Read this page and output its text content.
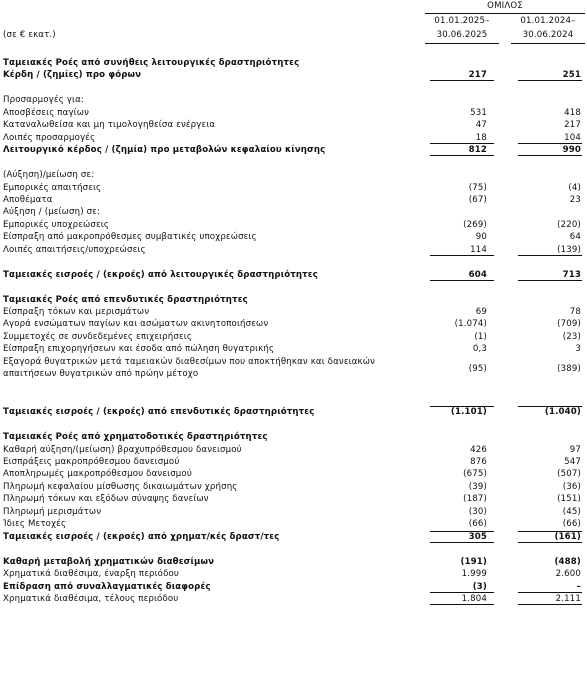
ΟΜΙΛΟΣ
01.01.2025–
30.06.2025
01.01.2024–
30.06.2024
(σε € εκατ.)
Ταμειακές Ροές από συνήθεις λειτουργικές δραστηριότητες
Κέρδη / (ζημίες) προ φόρων	217	251
Προσαρμογές για:
Αποσβέσεις παγίων	531	418
Καταναλωθείσα και μη τιμολογηθείσα ενέργεια	47	217
Λοιπές προσαρμογές	18	104
Λειτουργικό κέρδος / (ζημία) προ μεταβολών κεφαλαίου κίνησης	812	990
(Αύξηση)/μείωση σε:
Εμπορικές απαιτήσεις	(75)	(4)
Αποθέματα	(67)	23
Αύξηση / (μείωση) σε:
Εμπορικές υποχρεώσεις	(269)	(220)
Είσπραξη από μακροπρόθεσμες συμβατικές υποχρεώσεις	90	64
Λοιπές απαιτήσεις/υποχρεώσεις	114	(139)
Ταμειακές εισροές / (εκροές) από λειτουργικές δραστηριότητες	604	713
Ταμειακές Ροές από επενδυτικές δραστηριότητες
Είσπραξη τόκων και μερισμάτων	69	78
Αγορά ενσώματων παγίων και ασώματων ακινητοποιήσεων	(1.074)	(709)
Συμμετοχές σε συνδεδεμένες επιχειρήσεις	(1)	(23)
Είσπραξη επιχορηγήσεων και έσοδα από πώληση θυγατρικής	0,3	3
Εξαγορά θυγατρικών μετά ταμειακών διαθεσίμων που αποκτήθηκαν και δανειακών απαιτήσεων θυγατρικών από πρώην μέτοχο	(95)	(389)
Ταμειακές εισροές / (εκροές) από επενδυτικές δραστηριότητες	(1.101)	(1.040)
Ταμειακές Ροές από χρηματοδοτικές δραστηριότητες
Καθαρή αύξηση/(μείωση) βραχυπρόθεσμου δανεισμού	426	97
Εισπράξεις μακροπρόθεσμου δανεισμού	876	547
Αποπληρωμές μακροπρόθεσμου δανεισμού	(675)	(507)
Πληρωμή κεφαλαίου μίσθωσης δικαιωμάτων χρήσης	(39)	(36)
Πληρωμή τόκων και εξόδων σύναψης δανείων	(187)	(151)
Πληρωμή μερισμάτων	(30)	(45)
Ίδιες Μετοχές	(66)	(66)
Ταμειακές εισροές / (εκροές) από χρηματ/κές δραστ/τες	305	(161)
Καθαρή μεταβολή χρηματικών διαθεσίμων	(191)	(488)
Χρηματικά διαθέσιμα, έναρξη περιόδου	1.999	2.600
Επίδραση από συναλλαγματικές διαφορές	(3)	–
Χρηματικά διαθέσιμα, τέλους περιόδου	1.804	2.111
